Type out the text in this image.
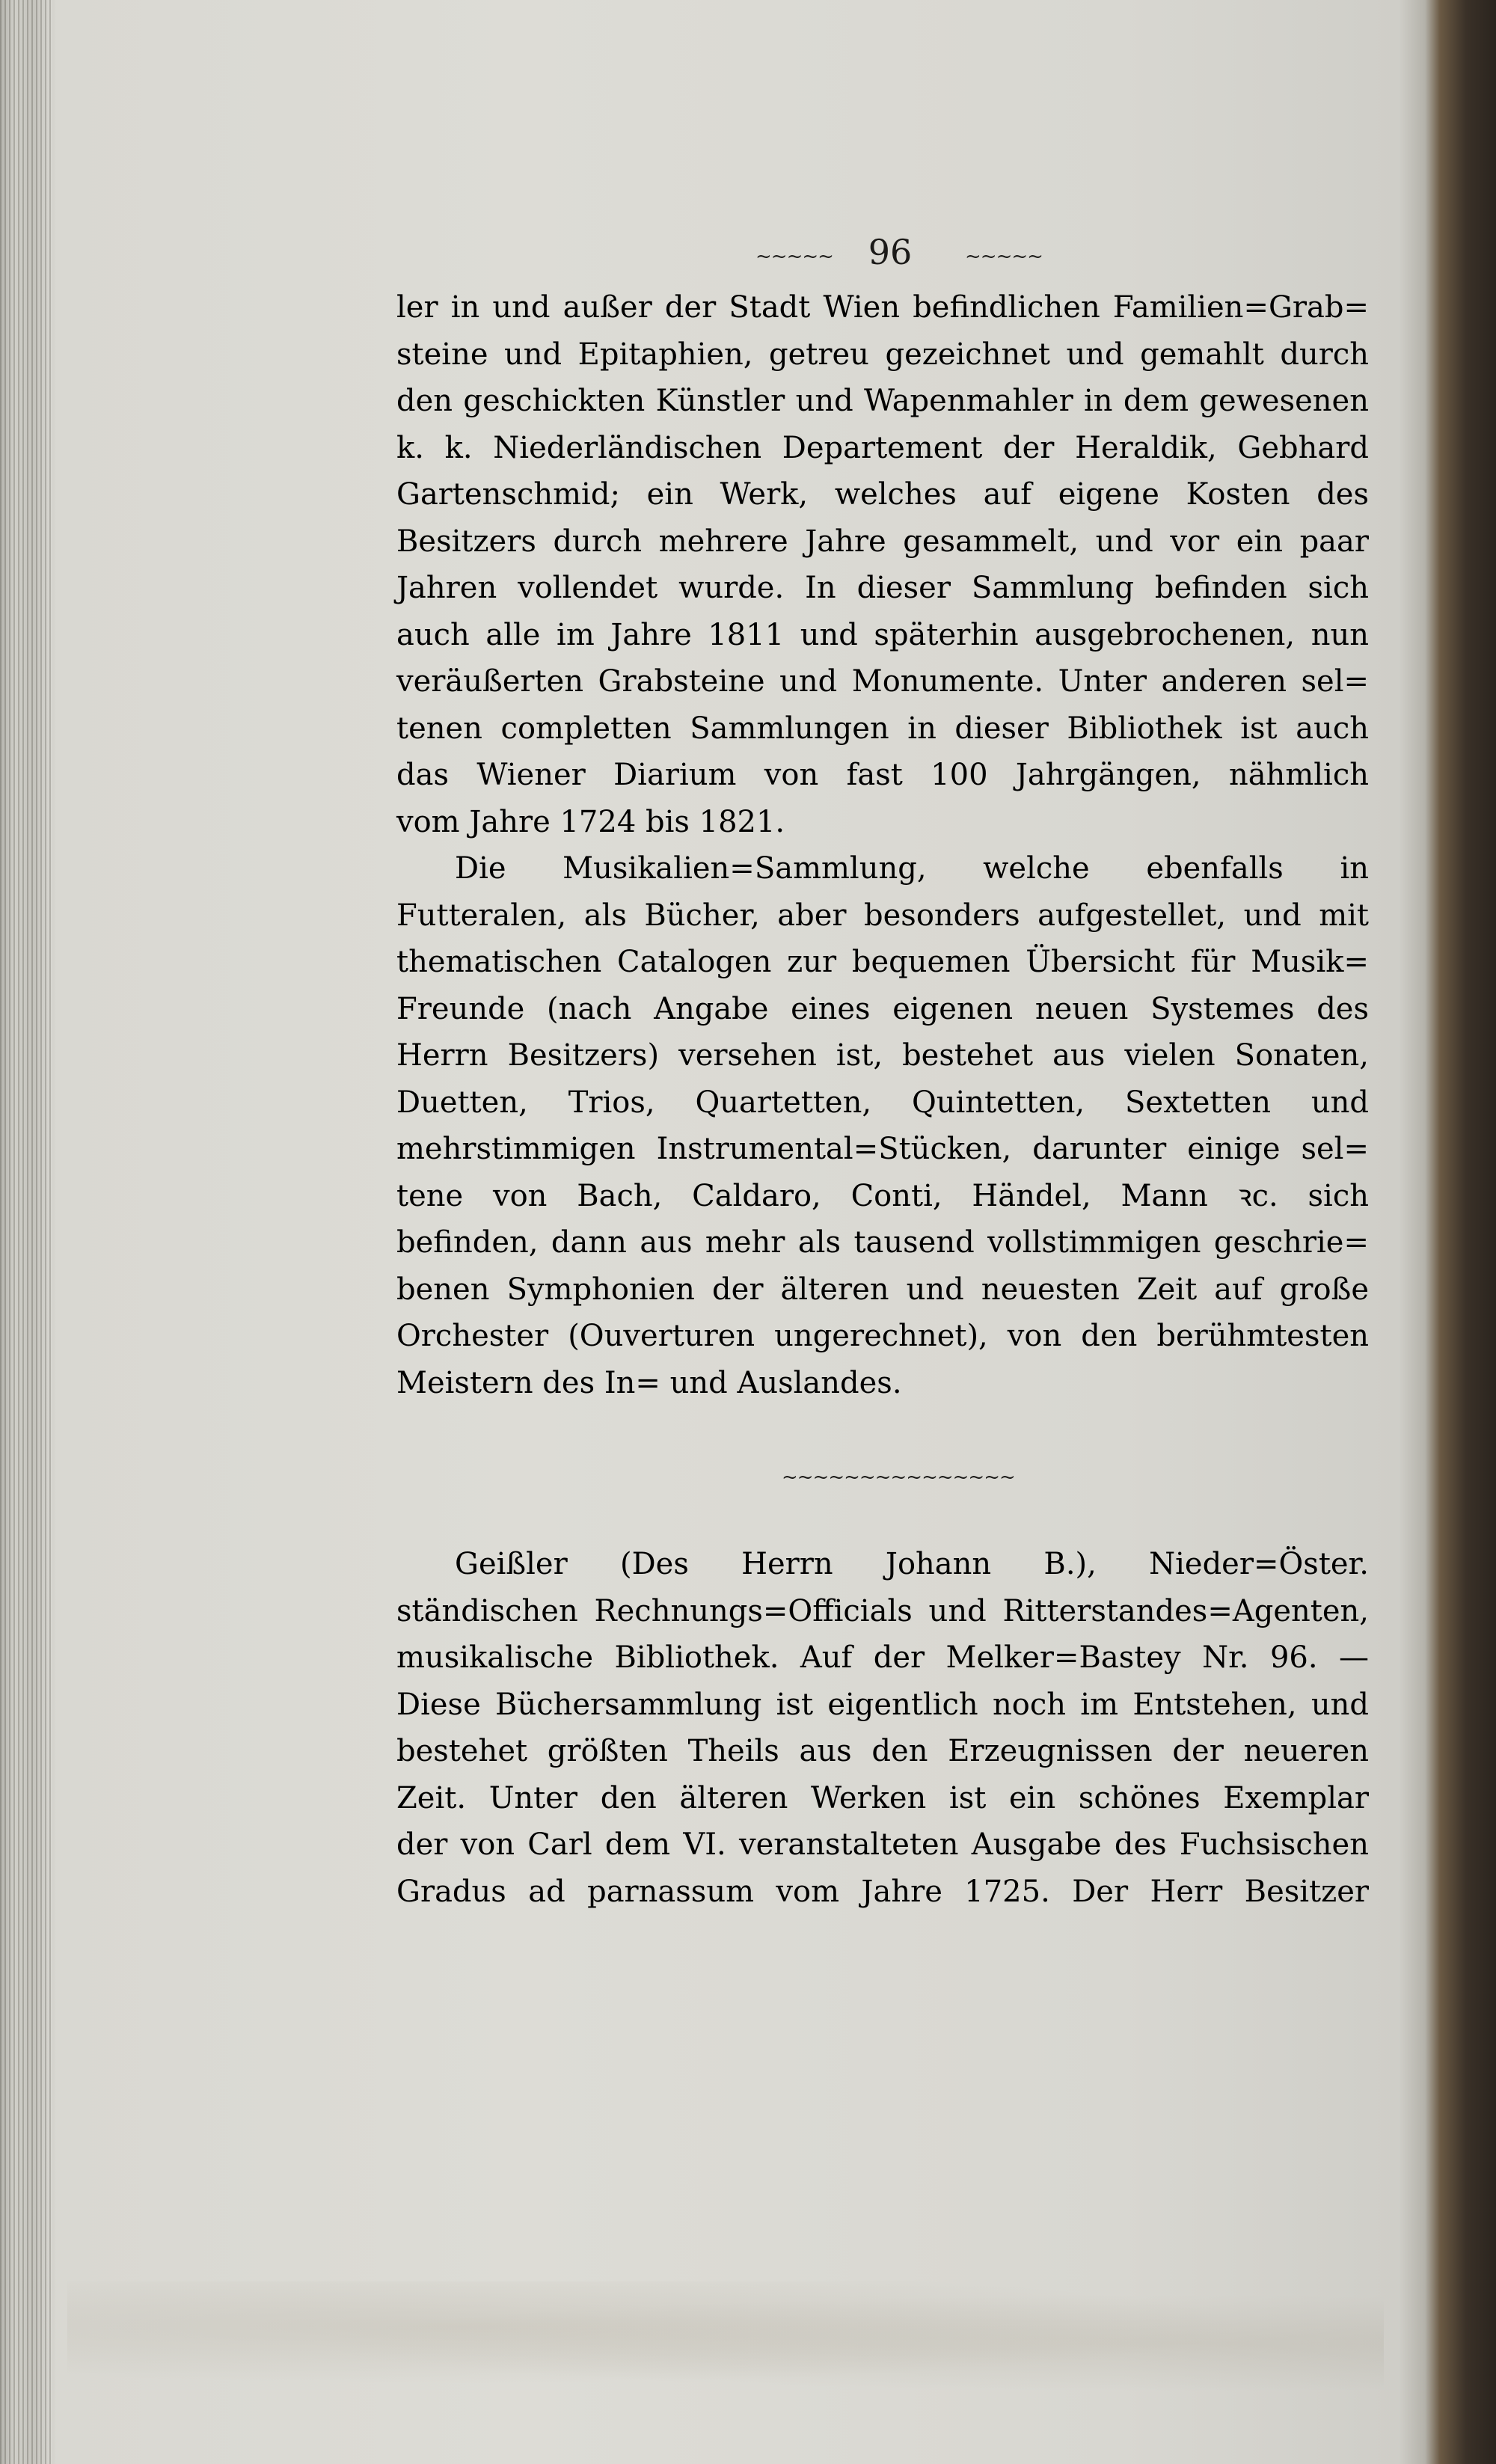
~~~~~ 96	~~~~~
ler in und außer der Stadt Wien befindlichen Familien=Grab=
steine und Epitaphien, getreu gezeichnet und gemahlt durch
den geschickten Künstler und Wapenmahler in dem gewesenen
k. k. Niederländischen Departement der Heraldik, Gebhard
Gartenschmid; ein Werk, welches auf eigene Kosten des
Besitzers durch mehrere Jahre gesammelt, und vor ein paar
Jahren vollendet wurde. In dieser Sammlung befinden sich
auch alle im Jahre 1811 und späterhin ausgebrochenen, nun
veräußerten Grabsteine und Monumente. Unter anderen sel=
tenen completten Sammlungen in dieser Bibliothek ist auch
das Wiener Diarium von fast 100 Jahrgängen, nähmlich
vom Jahre 1724 bis 1821.
Die Musikalien=Sammlung, welche ebenfalls in
Futteralen, als Bücher, aber besonders aufgestellet, und mit
thematischen Catalogen zur bequemen Übersicht für Musik=
Freunde (nach Angabe eines eigenen neuen Systemes des
Herrn Besitzers) versehen ist, bestehet aus vielen Sonaten,
Duetten, Trios, Quartetten, Quintetten, Sextetten und
mehrstimmigen Instrumental=Stücken, darunter einige sel=
tene von Bach, Caldaro, Conti, Händel, Mann ꝛc. sich
befinden, dann aus mehr als tausend vollstimmigen geschrie=
benen Symphonien der älteren und neuesten Zeit auf große
Orchester (Ouverturen ungerechnet), von den berühmtesten
Meistern des In= und Auslandes.
~~~~~~~~~~~~~~~
Geißler (Des Herrn Johann B.), Nieder=Öster.
ständischen Rechnungs=Officials und Ritterstandes=Agenten,
musikalische Bibliothek. Auf der Melker=Bastey Nr. 96. —
Diese Büchersammlung ist eigentlich noch im Entstehen, und
bestehet größten Theils aus den Erzeugnissen der neueren
Zeit. Unter den älteren Werken ist ein schönes Exemplar
der von Carl dem VI. veranstalteten Ausgabe des Fuchsischen
Gradus ad parnassum vom Jahre 1725. Der Herr Besitzer
